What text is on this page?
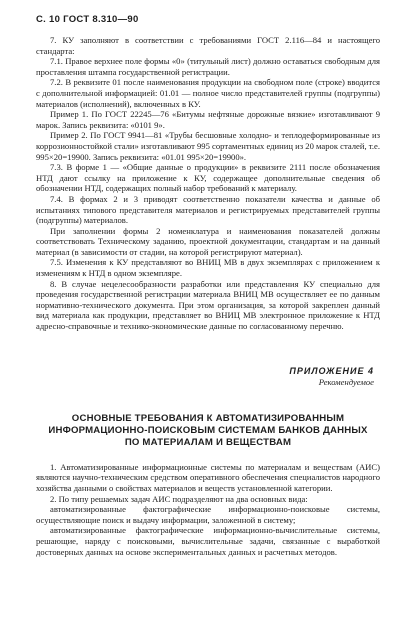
С. 10 ГОСТ 8.310—90

7. КУ заполняют в соответствии с требованиями ГОСТ 2.116—84 и настоящего стандарта:

7.1. Правое верхнее поле формы «0» (титульный лист) должно оставаться свободным для проставления штампа государственной регистрации.

7.2. В реквизите 01 после наименования продукции на свободном поле (строке) вводится с дополнительной информацией: 01.01 — полное число представителей группы (подгруппы) материалов (исполнений), включенных в КУ.

Пример 1. По ГОСТ 22245—76 «Битумы нефтяные дорожные вязкие» изготавливают 9 марок. Запись реквизита: «0101 9».

Пример 2. По ГОСТ 9941—81 «Трубы бесшовные холодно- и теплодеформированные из коррозионностойкой стали» изготавливают 995 сортаментных единиц из 20 марок сталей, т.е. 995×20=19900. Запись реквизита: «01.01 995×20=19900».

7.3. В форме 1 — «Общие данные о продукции» в реквизите 2111 после обозначения НТД дают ссылку на приложение к КУ, содержащее дополнительные сведения об обозначении НТД, содержащих полный набор требований к материалу.

7.4. В формах 2 и 3 приводят соответственно показатели качества и данные об испытаниях типового представителя материалов и регистрируемых представителей группы (подгруппы) материалов.

При заполнении формы 2 номенклатура и наименования показателей должны соответствовать Техническому заданию, проектной документации, стандартам и на данный материал (в зависимости от стадии, на которой регистрируют материал).

7.5. Изменения к КУ представляют во ВНИЦ МВ в двух экземплярах с приложением к изменениям к НТД в одном экземпляре.

8. В случае нецелесообразности разработки или представления КУ специально для проведения государственной регистрации материала ВНИЦ МВ осуществляет ее по данным нормативно-технического документа. При этом организация, за которой закреплен данный вид материала как продукции, представляет во ВНИЦ МВ электронное приложение к НТД адресно-справочные и технико-экономические данные по согласованному перечню.

ПРИЛОЖЕНИЕ 4
Рекомендуемое
ОСНОВНЫЕ ТРЕБОВАНИЯ К АВТОМАТИЗИРОВАННЫМ
ИНФОРМАЦИОННО-ПОИСКОВЫМ СИСТЕМАМ БАНКОВ ДАННЫХ
ПО МАТЕРИАЛАМ И ВЕЩЕСТВАМ

1. Автоматизированные информационные системы по материалам и веществам (АИС) являются научно-техническим средством оперативного обеспечения специалистов народного хозяйства данными о свойствах материалов и веществ установленной категории.

2. По типу решаемых задач АИС подразделяют на два основных вида:

автоматизированные фактографические информационно-поисковые системы, осуществляющие поиск и выдачу информации, заложенной в систему;

автоматизированные фактографические информационно-вычислительные системы, решающие, наряду с поисковыми, вычислительные задачи, связанные с выработкой достоверных данных на основе экспериментальных данных и расчетных методов.
